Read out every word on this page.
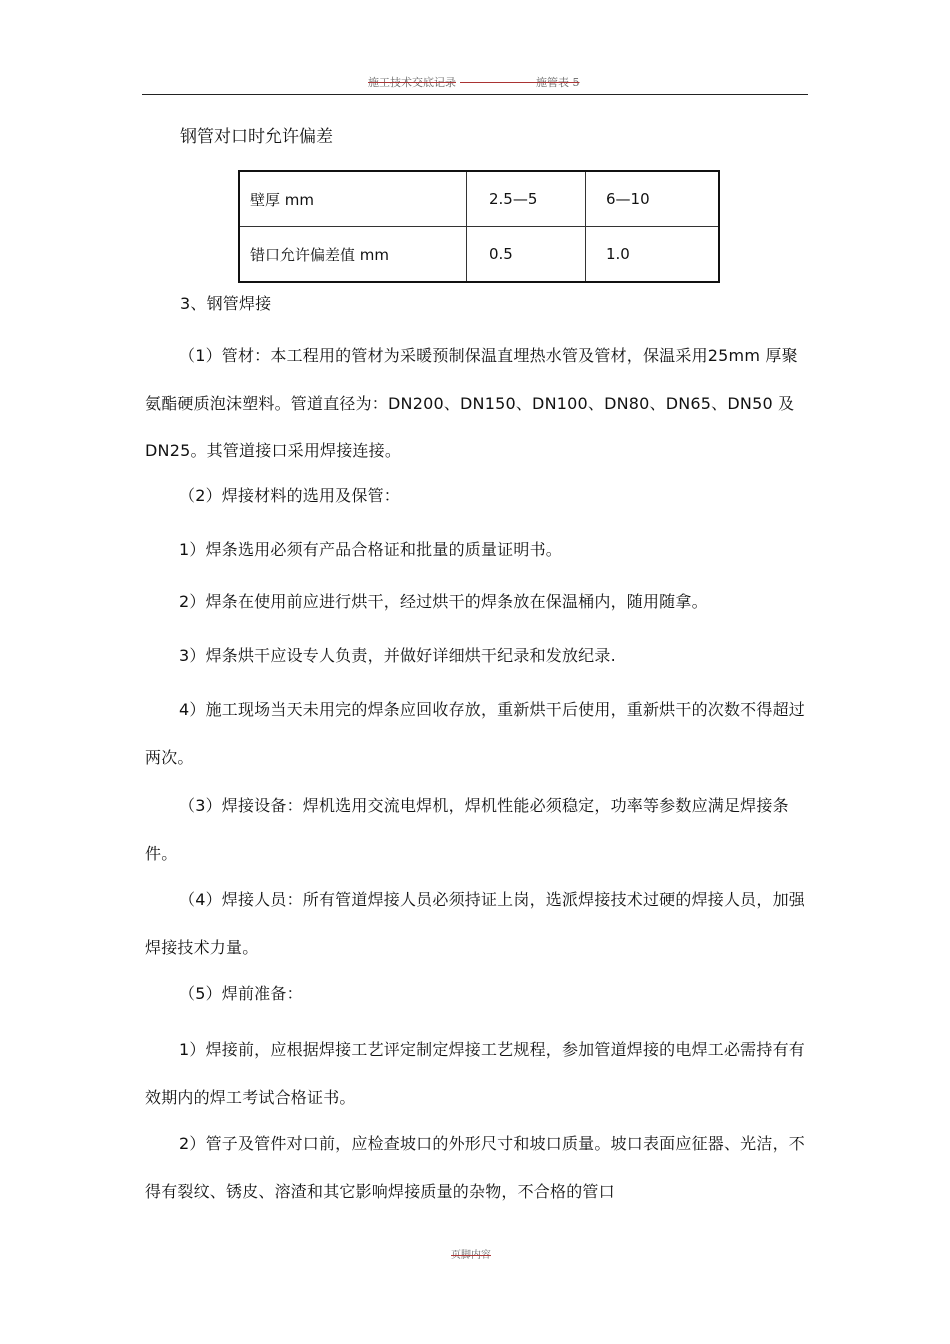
施工技术交底记录	施管表 5
钢管对口时允许偏差
壁厚 mm	2.5—5	6—10
错口允许偏差值 mm	0.5	1.0
3、钢管焊接
（1）管材：本工程用的管材为采暖预制保温直埋热水管及管材，保温采用25mm 厚聚氨酯硬质泡沫塑料。管道直径为：DN200、DN150、DN100、DN80、DN65、DN50 及 DN25。其管道接口采用焊接连接。
（2）焊接材料的选用及保管：
1）焊条选用必须有产品合格证和批量的质量证明书。
2）焊条在使用前应进行烘干，经过烘干的焊条放在保温桶内，随用随拿。
3）焊条烘干应设专人负责，并做好详细烘干纪录和发放纪录.
4）施工现场当天未用完的焊条应回收存放，重新烘干后使用，重新烘干的次数不得超过两次。
（3）焊接设备：焊机选用交流电焊机，焊机性能必须稳定，功率等参数应满足焊接条件。
（4）焊接人员：所有管道焊接人员必须持证上岗，选派焊接技术过硬的焊接人员，加强焊接技术力量。
（5）焊前准备：
1）焊接前，应根据焊接工艺评定制定焊接工艺规程，参加管道焊接的电焊工必需持有有效期内的焊工考试合格证书。
2）管子及管件对口前，应检查坡口的外形尺寸和坡口质量。坡口表面应征器、光洁，不得有裂纹、锈皮、溶渣和其它影响焊接质量的杂物，不合格的管口
页脚内容
